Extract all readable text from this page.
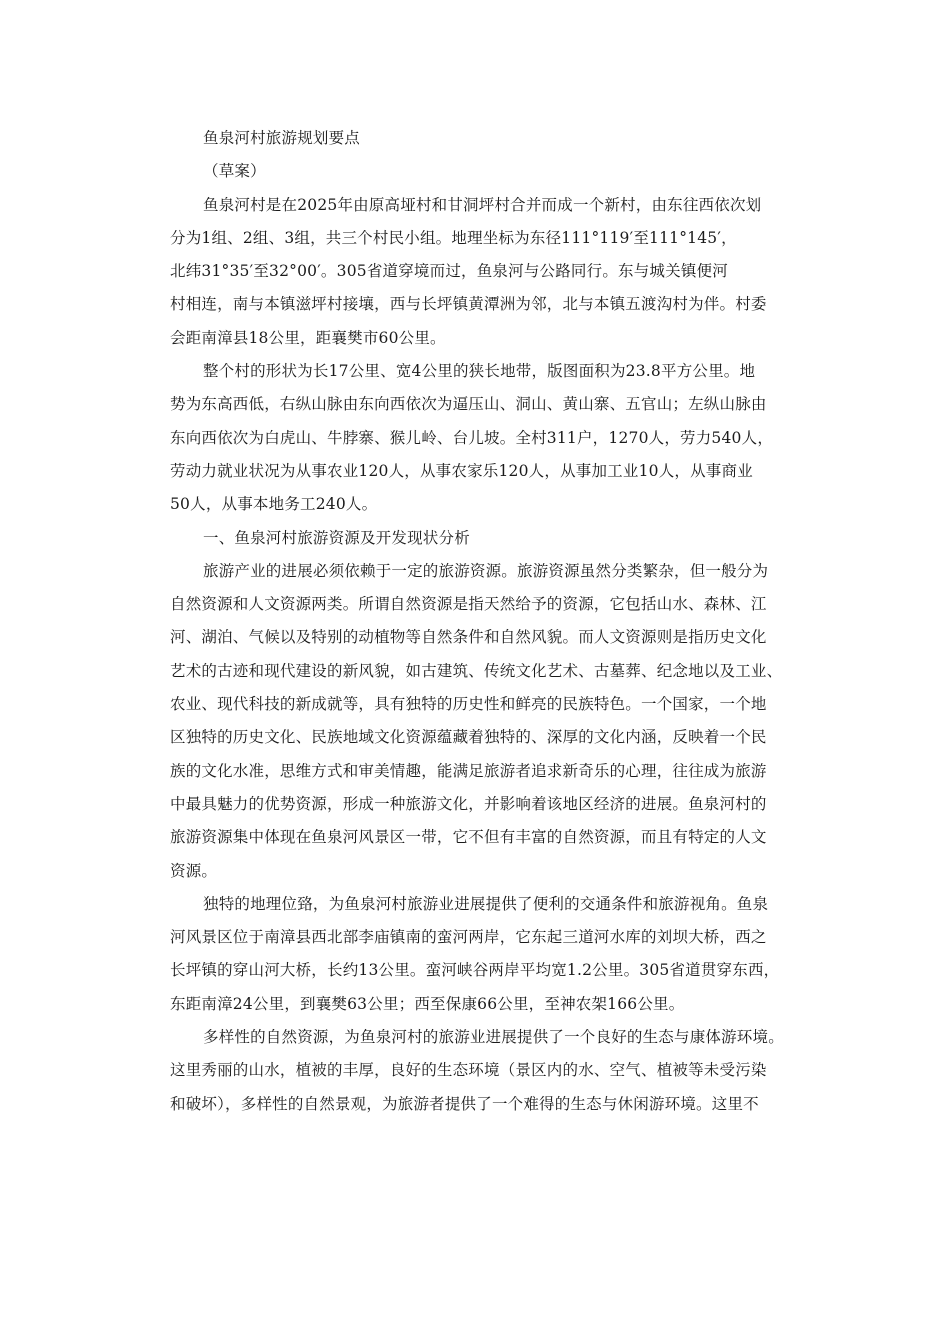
鱼泉河村旅游规划要点
（草案）
鱼泉河村是在2025年由原高垭村和甘洞坪村合并而成一个新村，由东往西依次划
分为1组、2组、3组，共三个村民小组。地理坐标为东径111°119′至111°145′，
北纬31°35′至32°00′。305省道穿境而过，鱼泉河与公路同行。东与城关镇便河
村相连，南与本镇滋坪村接壤，西与长坪镇黄潭洲为邻，北与本镇五渡沟村为伴。村委
会距南漳县18公里，距襄樊市60公里。
整个村的形状为长17公里、宽4公里的狭长地带，版图面积为23.8平方公里。地
势为东高西低，右纵山脉由东向西依次为逼压山、洞山、黄山寨、五官山；左纵山脉由
东向西依次为白虎山、牛脖寨、猴儿岭、台儿坡。全村311户，1270人，劳力540人，
劳动力就业状况为从事农业120人，从事农家乐120人，从事加工业10人，从事商业
50人，从事本地务工240人。
一、鱼泉河村旅游资源及开发现状分析
旅游产业的进展必须依赖于一定的旅游资源。旅游资源虽然分类繁杂，但一般分为
自然资源和人文资源两类。所谓自然资源是指天然给予的资源，它包括山水、森林、江
河、湖泊、气候以及特别的动植物等自然条件和自然风貌。而人文资源则是指历史文化
艺术的古迹和现代建设的新风貌，如古建筑、传统文化艺术、古墓葬、纪念地以及工业、
农业、现代科技的新成就等，具有独特的历史性和鲜亮的民族特色。一个国家，一个地
区独特的历史文化、民族地域文化资源蕴藏着独特的、深厚的文化内涵，反映着一个民
族的文化水准，思维方式和审美情趣，能满足旅游者追求新奇乐的心理，往往成为旅游
中最具魅力的优势资源，形成一种旅游文化，并影响着该地区经济的进展。鱼泉河村的
旅游资源集中体现在鱼泉河风景区一带，它不但有丰富的自然资源，而且有特定的人文
资源。
独特的地理位臵，为鱼泉河村旅游业进展提供了便利的交通条件和旅游视角。鱼泉
河风景区位于南漳县西北部李庙镇南的蛮河两岸，它东起三道河水库的刘坝大桥，西之
长坪镇的穿山河大桥，长约13公里。蛮河峡谷两岸平均宽1.2公里。305省道贯穿东西，
东距南漳24公里，到襄樊63公里；西至保康66公里，至神农架166公里。
多样性的自然资源，为鱼泉河村的旅游业进展提供了一个良好的生态与康体游环境。
这里秀丽的山水，植被的丰厚，良好的生态环境（景区内的水、空气、植被等未受污染
和破坏），多样性的自然景观，为旅游者提供了一个难得的生态与休闲游环境。这里不
